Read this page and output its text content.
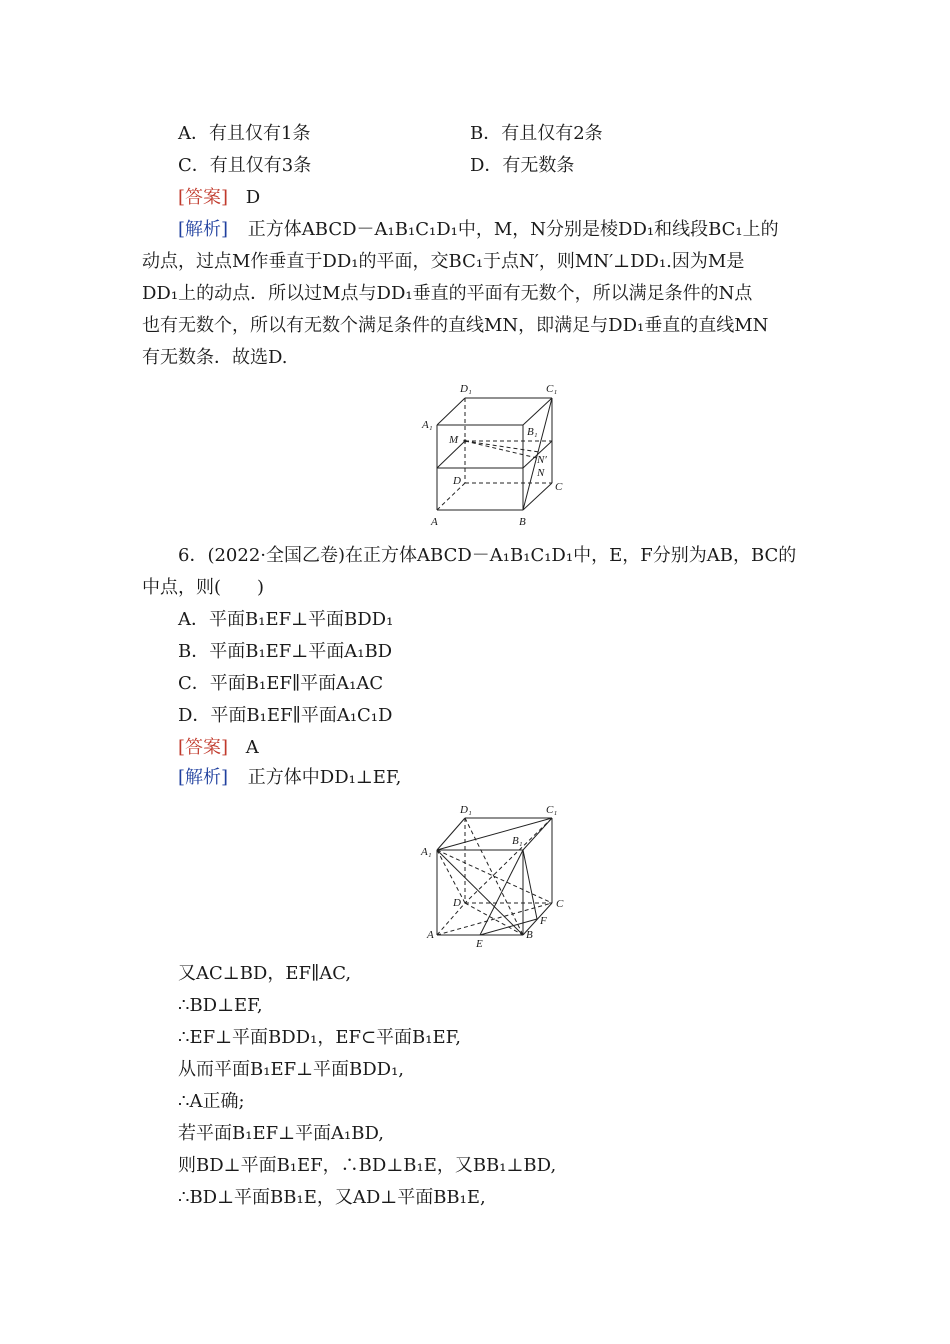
A．有且仅有1条	B．有且仅有2条
C．有且仅有3条	D．有无数条
[答案] D
[解析] 正方体ABCD－A₁B₁C₁D₁中，M，N分别是棱DD₁和线段BC₁上的
动点，过点M作垂直于DD₁的平面，交BC₁于点N′，则MN′⊥DD₁.因为M是
DD₁上的动点．所以过M点与DD₁垂直的平面有无数个，所以满足条件的N点
也有无数个，所以有无数个满足条件的直线MN，即满足与DD₁垂直的直线MN
有无数条．故选D.
D₁	C₁
A₁
B₁
M
N′
N
D	C
A	B
6．(2022·全国乙卷)在正方体ABCD－A₁B₁C₁D₁中，E，F分别为AB，BC的
中点，则(　　)
A．平面B₁EF⊥平面BDD₁
B．平面B₁EF⊥平面A₁BD
C．平面B₁EF∥平面A₁AC
D．平面B₁EF∥平面A₁C₁D
[答案] A
[解析] 正方体中DD₁⊥EF,
D₁	C₁
A₁
B₁
D	C
F
A
E
B
又AC⊥BD，EF∥AC,
∴BD⊥EF,
∴EF⊥平面BDD₁，EF⊂平面B₁EF,
从而平面B₁EF⊥平面BDD₁,
∴A正确;
若平面B₁EF⊥平面A₁BD,
则BD⊥平面B₁EF，∴BD⊥B₁E，又BB₁⊥BD,
∴BD⊥平面BB₁E，又AD⊥平面BB₁E,
